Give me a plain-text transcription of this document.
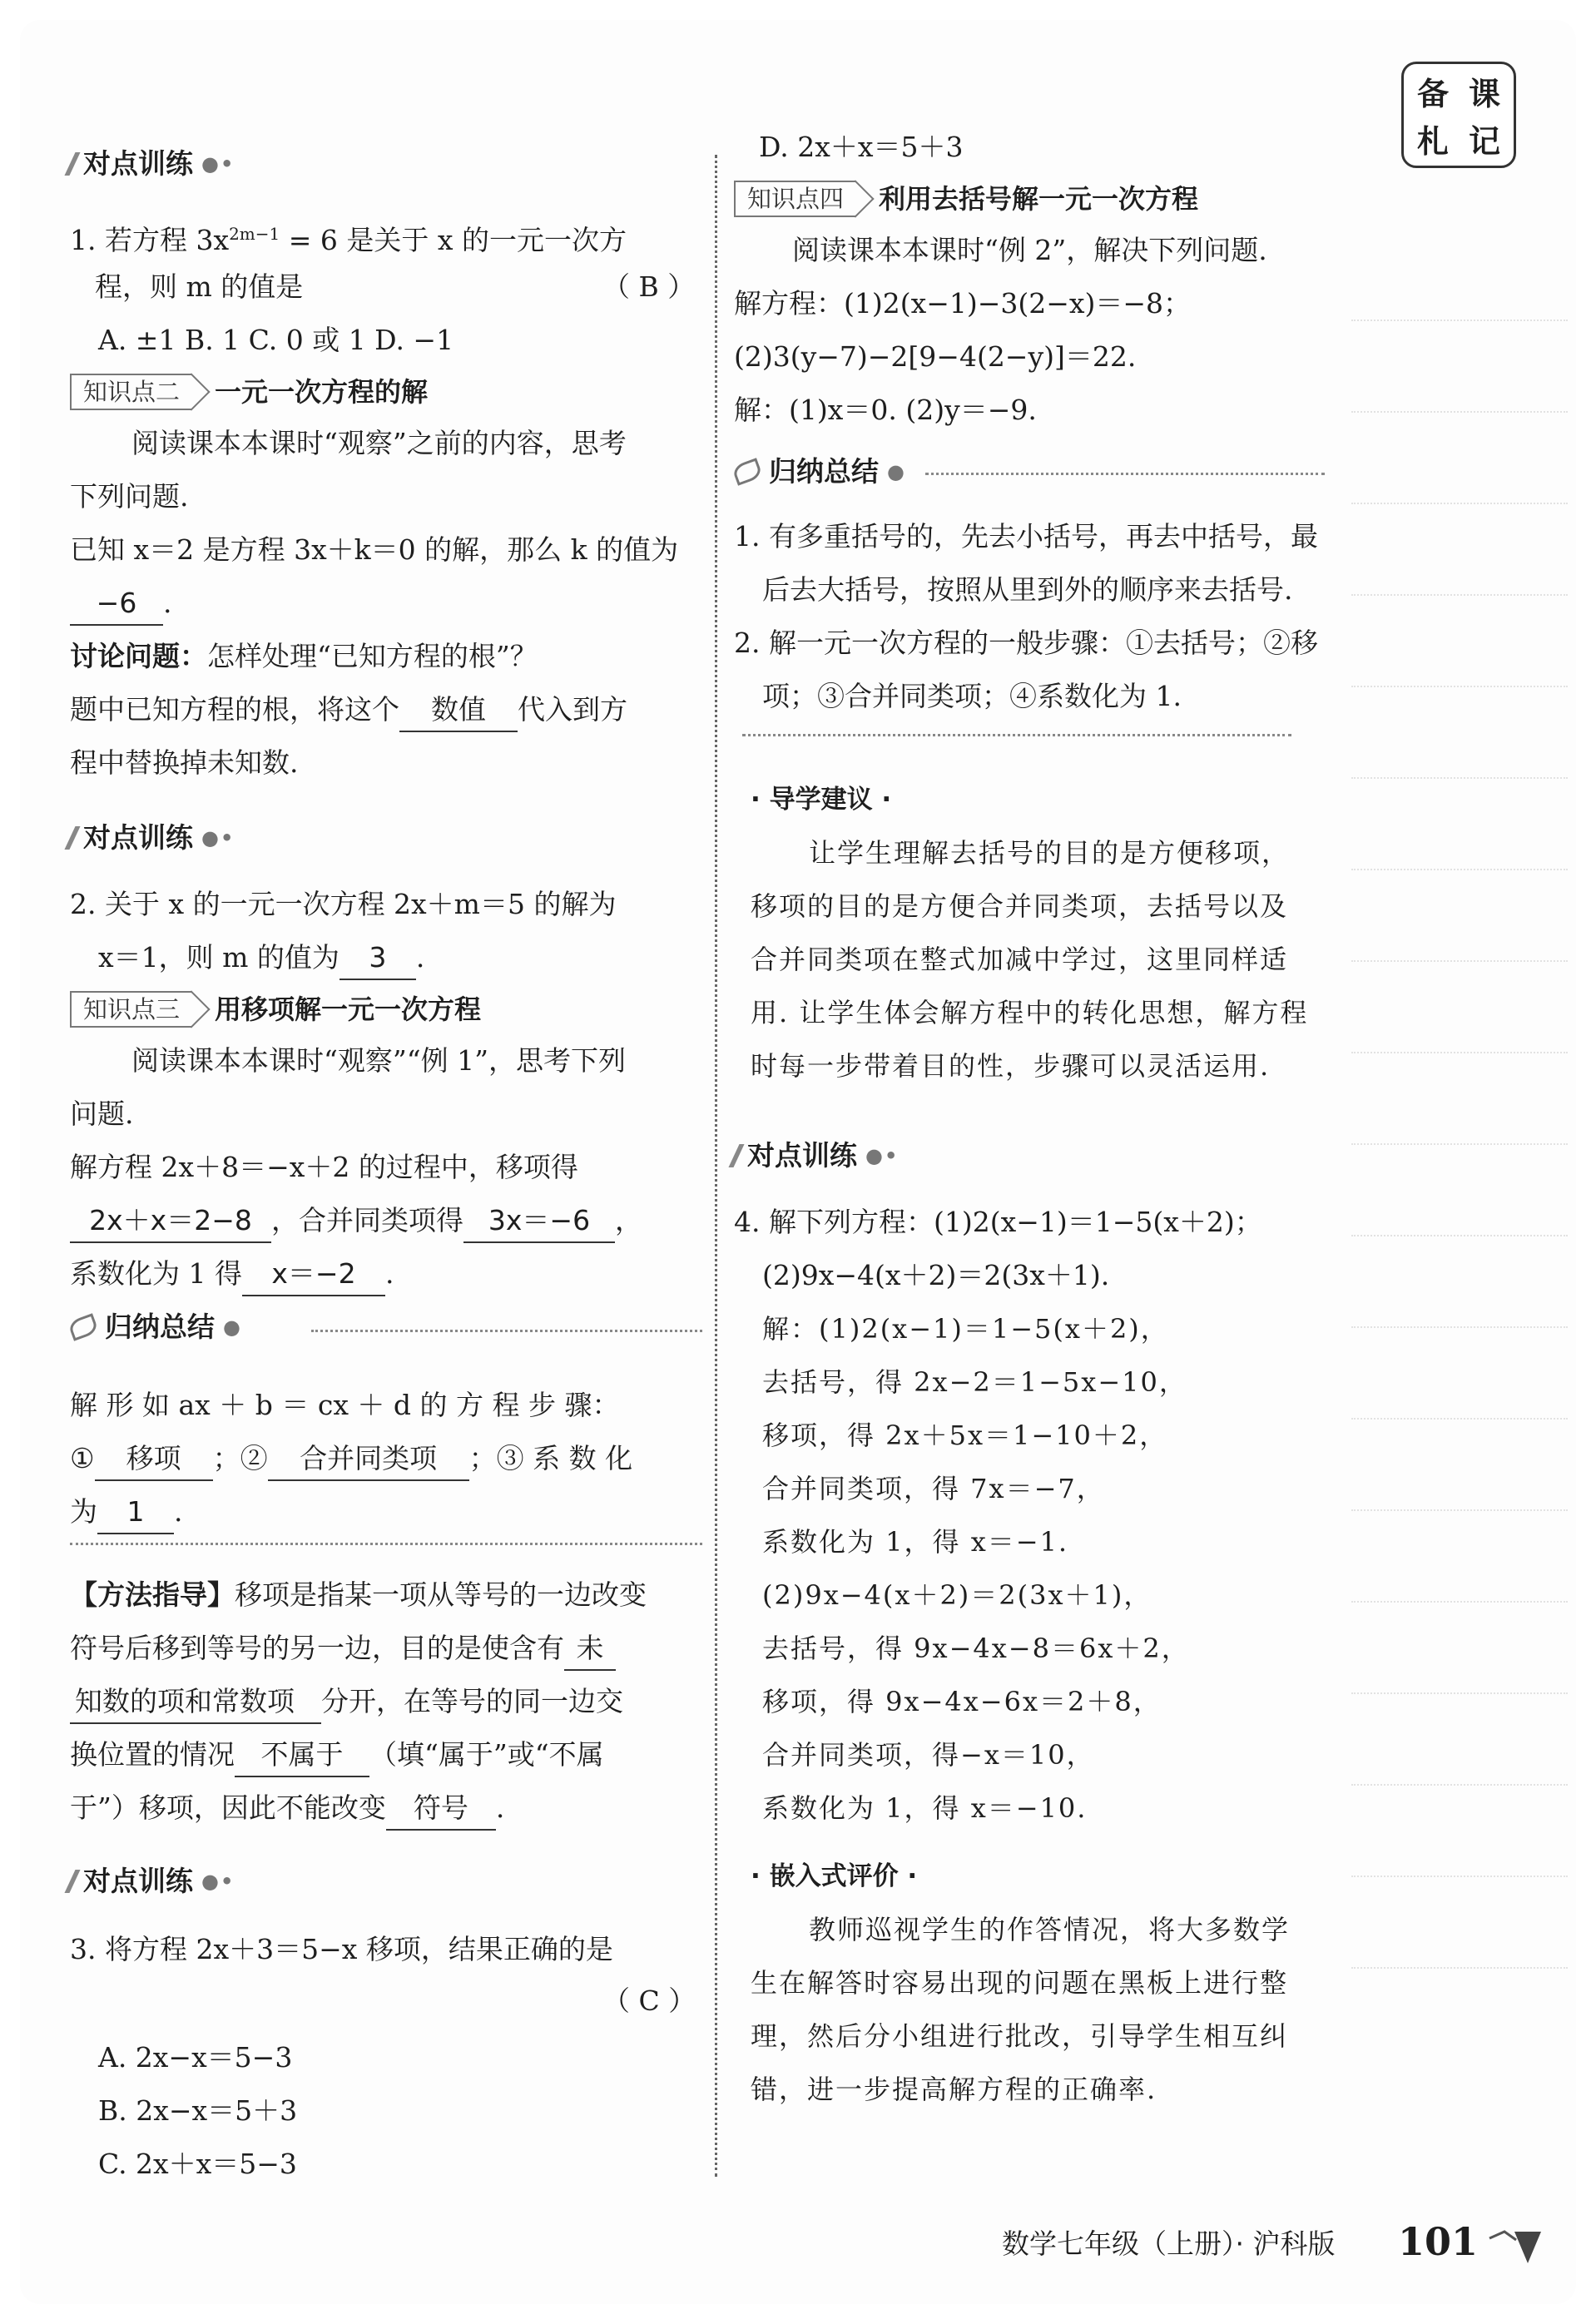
备 课
札 记
对点训练 ●•
1. 若方程 $3x^{2m-1} = 6$ 是关于 x 的一元一次方
程，则 m 的值是	（ B ）
A. ±1 B. 1 C. 0 或 1 D. −1
知识点二	一元一次方程的解
阅读课本本课时“观察”之前的内容，思考
下列问题.
已知 x＝2 是方程 3x＋k＝0 的解，那么 k 的值为
−6 .
讨论问题：怎样处理“已知方程的根”？
题中已知方程的根，将这个 数值 代入到方
程中替换掉未知数.
对点训练 ●•
2. 关于 x 的一元一次方程 2x＋m＝5 的解为
x＝1，则 m 的值为 3 .
知识点三	用移项解一元一次方程
阅读课本本课时“观察”“例 1”，思考下列
问题.
解方程 2x＋8＝−x＋2 的过程中，移项得
2x＋x＝2−8 ，合并同类项得 3x＝−6 ，
系数化为 1 得 x＝−2 .
归纳总结 ●
解 形 如 ax ＋ b ＝ cx ＋ d 的 方 程 步 骤：
① 移项 ；② 合并同类项 ；③ 系 数 化
为 1 .
【方法指导】移项是指某一项从等号的一边改变
符号后移到等号的另一边，目的是使含有 未
知数的项和常数项 分开，在等号的同一边交
换位置的情况 不属于 （填“属于”或“不属
于”）移项，因此不能改变 符号 .
对点训练 ●•
3. 将方程 2x＋3＝5−x 移项，结果正确的是
（ C ）
A. 2x−x＝5−3
B. 2x−x＝5＋3
C. 2x＋x＝5−3
D. 2x＋x＝5＋3
知识点四	利用去括号解一元一次方程
阅读课本本课时“例 2”，解决下列问题.
解方程：(1)2(x−1)−3(2−x)＝−8；
(2)3(y−7)−2[9−4(2−y)]＝22.
解：(1)x＝0. (2)y＝−9.
归纳总结 ●
1. 有多重括号的，先去小括号，再去中括号，最
后去大括号，按照从里到外的顺序来去括号.
2. 解一元一次方程的一般步骤：①去括号；②移
项；③合并同类项；④系数化为 1.
· 导学建议 ·
让学生理解去括号的目的是方便移项，
移项的目的是方便合并同类项，去括号以及
合并同类项在整式加减中学过，这里同样适
用. 让学生体会解方程中的转化思想，解方程
时每一步带着目的性，步骤可以灵活运用.
对点训练 ●•
4. 解下列方程：(1)2(x−1)＝1−5(x＋2)；
(2)9x−4(x＋2)＝2(3x＋1).
解：(1)2(x−1)＝1−5(x＋2)，
去括号，得 2x−2＝1−5x−10，
移项，得 2x＋5x＝1−10＋2，
合并同类项，得 7x＝−7，
系数化为 1，得 x＝−1.
(2)9x−4(x＋2)＝2(3x＋1)，
去括号，得 9x−4x−8＝6x＋2，
移项，得 9x−4x−6x＝2＋8，
合并同类项，得−x＝10，
系数化为 1，得 x＝−10.
· 嵌入式评价 ·
教师巡视学生的作答情况，将大多数学
生在解答时容易出现的问题在黑板上进行整
理，然后分小组进行批改，引导学生相互纠
错，进一步提高解方程的正确率.
数学七年级（上册）· 沪科版 101
